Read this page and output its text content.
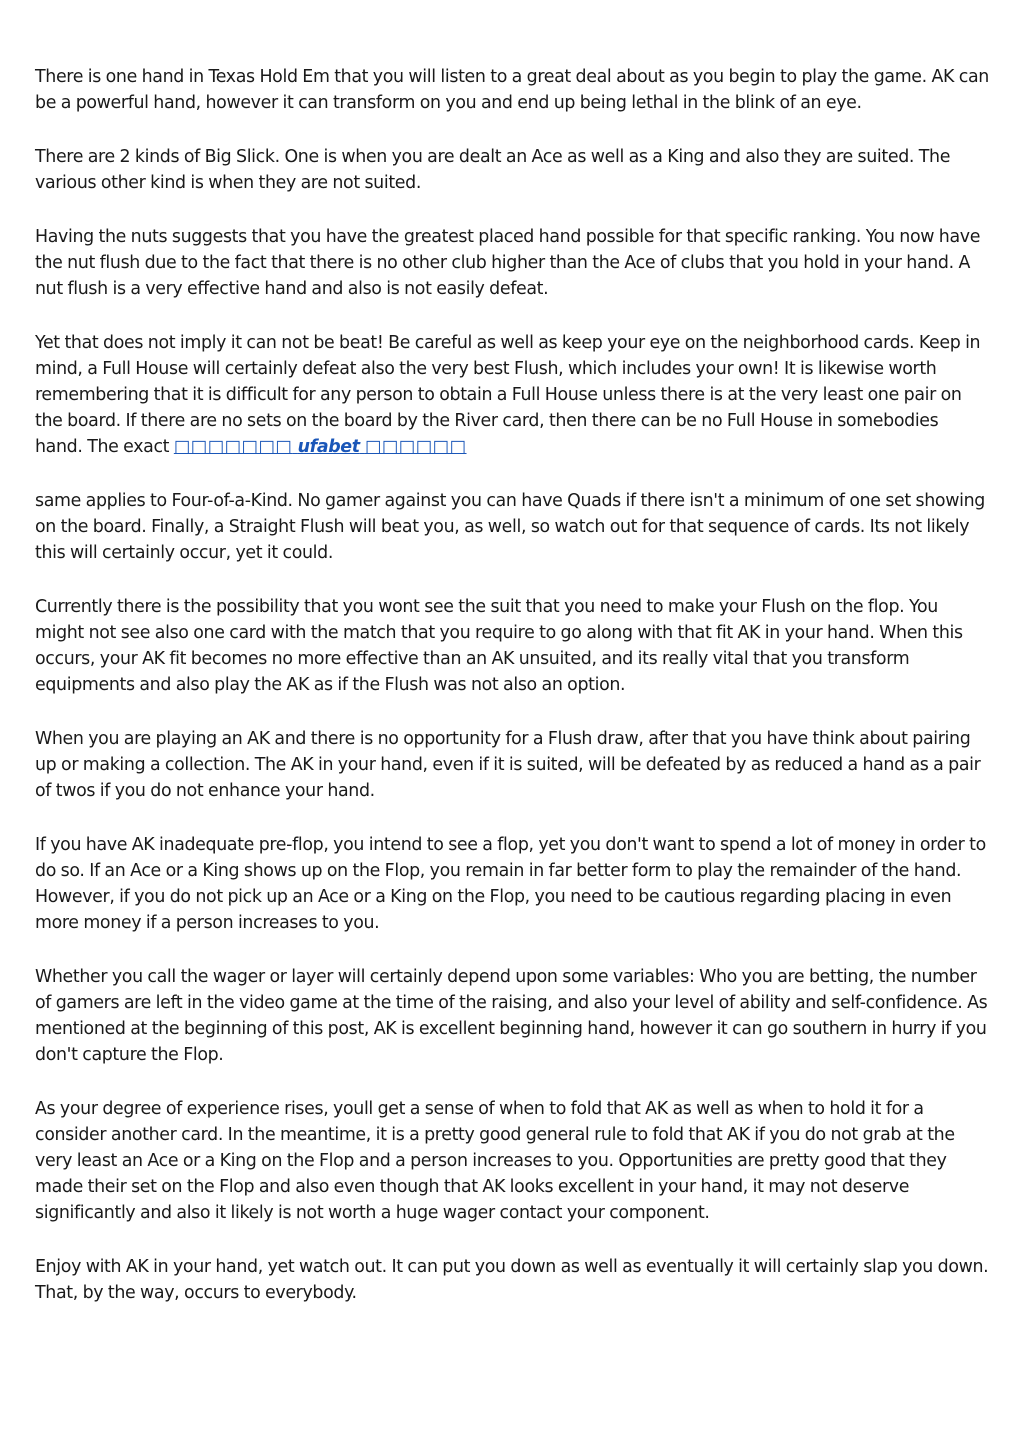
There is one hand in Texas Hold Em that you will listen to a great deal about as you begin to play the game. AK can be a powerful hand, however it can transform on you and end up being lethal in the blink of an eye.

There are 2 kinds of Big Slick. One is when you are dealt an Ace as well as a King and also they are suited. The various other kind is when they are not suited.

Having the nuts suggests that you have the greatest placed hand possible for that specific ranking. You now have the nut flush due to the fact that there is no other club higher than the Ace of clubs that you hold in your hand. A nut flush is a very effective hand and also is not easily defeat.

Yet that does not imply it can not be beat! Be careful as well as keep your eye on the neighborhood cards. Keep in mind, a Full House will certainly defeat also the very best Flush, which includes your own! It is likewise worth remembering that it is difficult for any person to obtain a Full House unless there is at the very least one pair on the board. If there are no sets on the board by the River card, then there can be no Full House in somebodies hand. The exact □□□□□□□ ufabet □□□□□□

same applies to Four-of-a-Kind. No gamer against you can have Quads if there isn't a minimum of one set showing on the board. Finally, a Straight Flush will beat you, as well, so watch out for that sequence of cards. Its not likely this will certainly occur, yet it could.

Currently there is the possibility that you wont see the suit that you need to make your Flush on the flop. You might not see also one card with the match that you require to go along with that fit AK in your hand. When this occurs, your AK fit becomes no more effective than an AK unsuited, and its really vital that you transform equipments and also play the AK as if the Flush was not also an option.

When you are playing an AK and there is no opportunity for a Flush draw, after that you have think about pairing up or making a collection. The AK in your hand, even if it is suited, will be defeated by as reduced a hand as a pair of twos if you do not enhance your hand.

If you have AK inadequate pre-flop, you intend to see a flop, yet you don't want to spend a lot of money in order to do so. If an Ace or a King shows up on the Flop, you remain in far better form to play the remainder of the hand. However, if you do not pick up an Ace or a King on the Flop, you need to be cautious regarding placing in even more money if a person increases to you.

Whether you call the wager or layer will certainly depend upon some variables: Who you are betting, the number of gamers are left in the video game at the time of the raising, and also your level of ability and self-confidence. As mentioned at the beginning of this post, AK is excellent beginning hand, however it can go southern in hurry if you don't capture the Flop.

As your degree of experience rises, youll get a sense of when to fold that AK as well as when to hold it for a consider another card. In the meantime, it is a pretty good general rule to fold that AK if you do not grab at the very least an Ace or a King on the Flop and a person increases to you. Opportunities are pretty good that they made their set on the Flop and also even though that AK looks excellent in your hand, it may not deserve significantly and also it likely is not worth a huge wager contact your component.

Enjoy with AK in your hand, yet watch out. It can put you down as well as eventually it will certainly slap you down. That, by the way, occurs to everybody.
